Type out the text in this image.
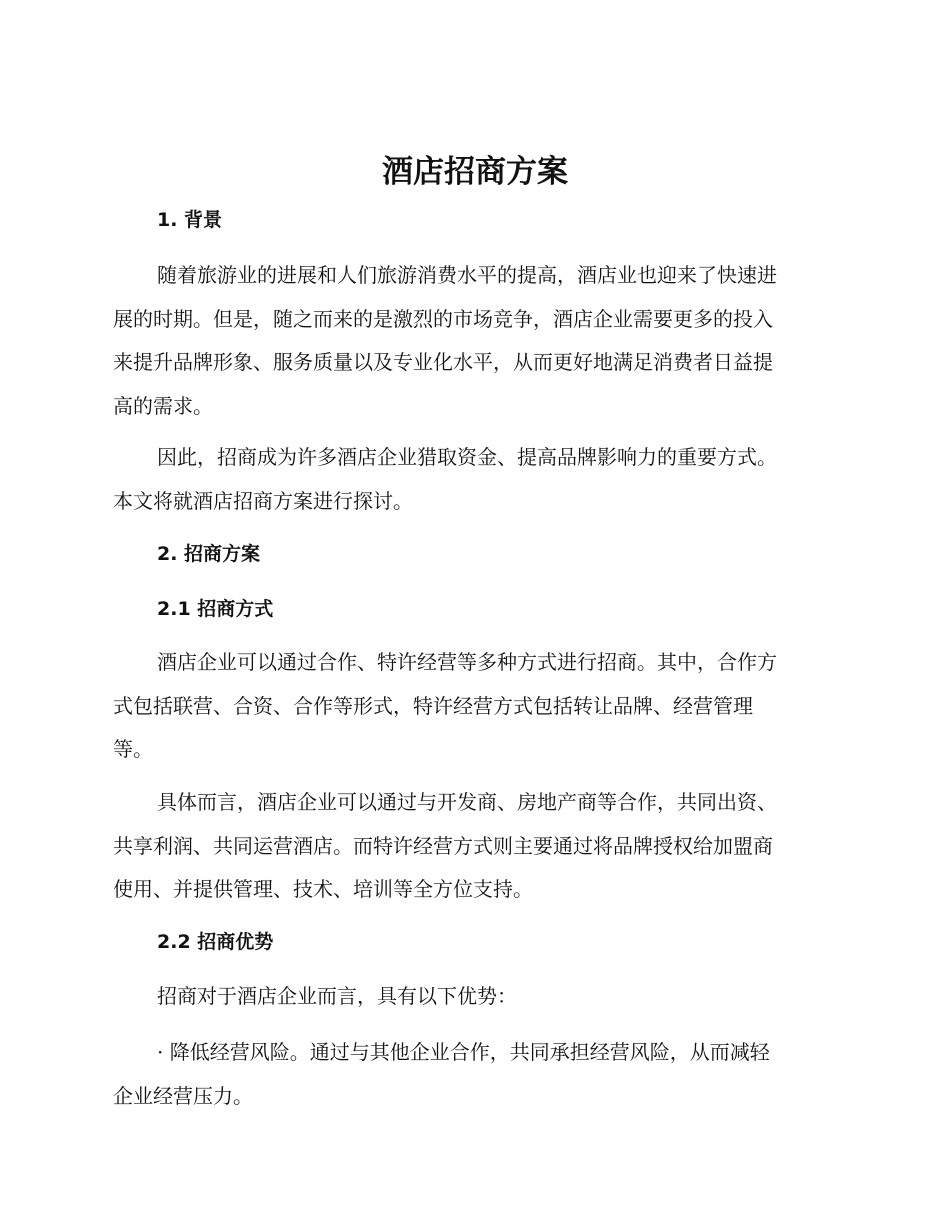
酒店招商方案
1. 背景

随着旅游业的进展和人们旅游消费水平的提高，酒店业也迎来了快速进
展的时期。但是，随之而来的是激烈的市场竞争，酒店企业需要更多的投入
来提升品牌形象、服务质量以及专业化水平，从而更好地满足消费者日益提
高的需求。

因此，招商成为许多酒店企业猎取资金、提高品牌影响力的重要方式。
本文将就酒店招商方案进行探讨。

2. 招商方案
2.1 招商方式

酒店企业可以通过合作、特许经营等多种方式进行招商。其中，合作方
式包括联营、合资、合作等形式，特许经营方式包括转让品牌、经营管理
等。

具体而言，酒店企业可以通过与开发商、房地产商等合作，共同出资、
共享利润、共同运营酒店。而特许经营方式则主要通过将品牌授权给加盟商
使用、并提供管理、技术、培训等全方位支持。

2.2 招商优势

招商对于酒店企业而言，具有以下优势：

· 降低经营风险。通过与其他企业合作，共同承担经营风险，从而减轻
企业经营压力。
